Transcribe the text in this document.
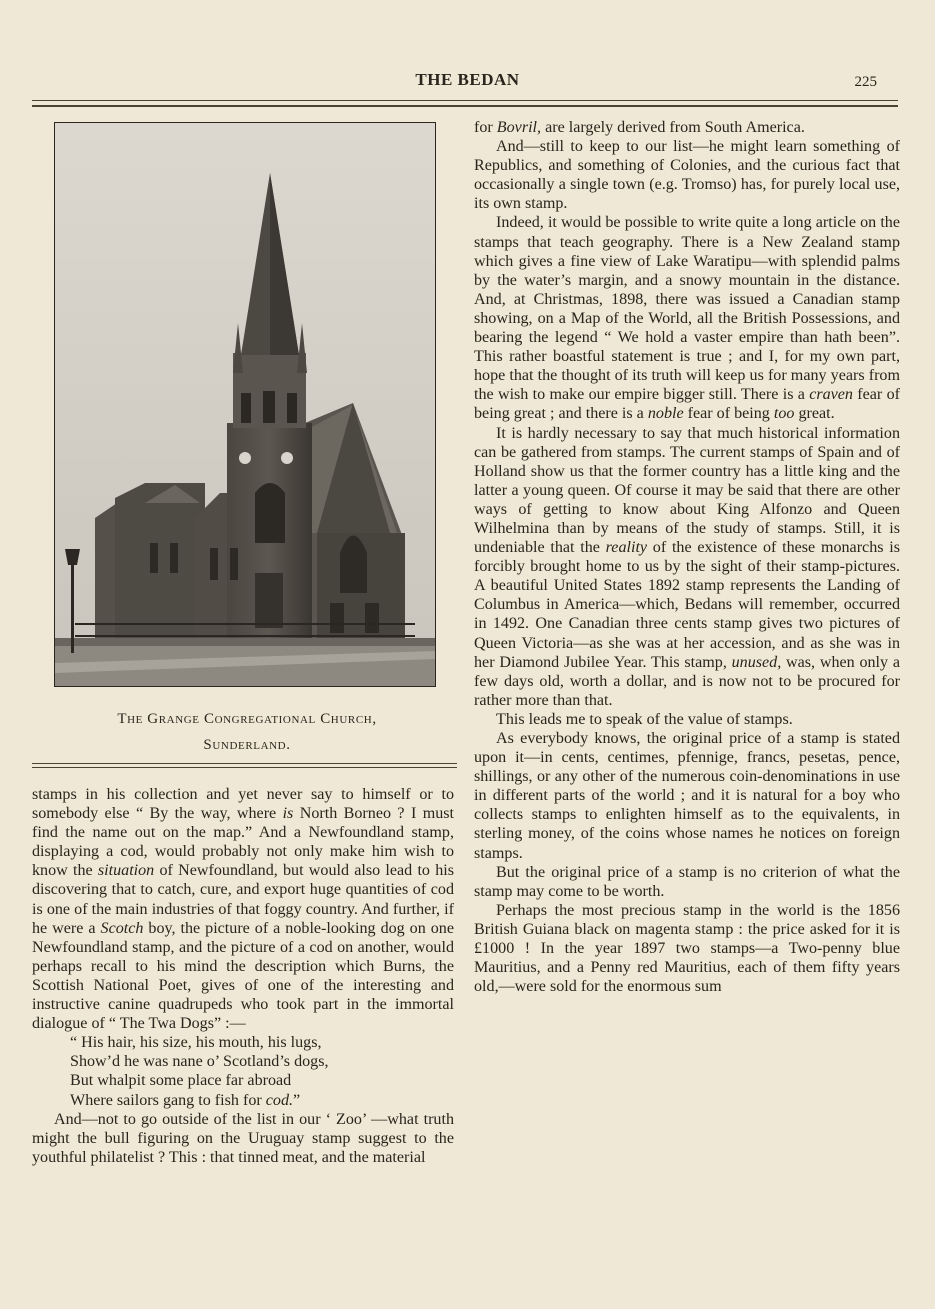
THE BEDAN	225
The Grange Congregational Church,
Sunderland.

stamps in his collection and yet never say to himself or to somebody else “ By the way, where is North Borneo ? I must find the name out on the map.” And a Newfoundland stamp, displaying a cod, would probably not only make him wish to know the situation of Newfoundland, but would also lead to his discovering that to catch, cure, and export huge quantities of cod is one of the main industries of that foggy country. And further, if he were a Scotch boy, the picture of a noble-looking dog on one Newfoundland stamp, and the picture of a cod on another, would perhaps recall to his mind the description which Burns, the Scottish National Poet, gives of one of the interesting and instructive canine quadrupeds who took part in the immortal dialogue of “ The Twa Dogs” :—

“ His hair, his size, his mouth, his lugs,
Show’d he was nane o’ Scotland’s dogs,
But whalpit some place far abroad
Where sailors gang to fish for cod.”

And—not to go outside of the list in our ‘ Zoo’ —what truth might the bull figuring on the Uruguay stamp suggest to the youthful philatelist ? This : that tinned meat, and the material

for Bovril, are largely derived from South America.

And—still to keep to our list—he might learn something of Republics, and something of Colonies, and the curious fact that occasionally a single town (e.g. Tromso) has, for purely local use, its own stamp.

Indeed, it would be possible to write quite a long article on the stamps that teach geography. There is a New Zealand stamp which gives a fine view of Lake Waratipu—with splendid palms by the water’s margin, and a snowy mountain in the distance. And, at Christmas, 1898, there was issued a Canadian stamp showing, on a Map of the World, all the British Possessions, and bearing the legend “ We hold a vaster empire than hath been”. This rather boastful statement is true ; and I, for my own part, hope that the thought of its truth will keep us for many years from the wish to make our empire bigger still. There is a craven fear of being great ; and there is a noble fear of being too great.

It is hardly necessary to say that much historical information can be gathered from stamps. The current stamps of Spain and of Holland show us that the former country has a little king and the latter a young queen. Of course it may be said that there are other ways of getting to know about King Alfonzo and Queen Wilhelmina than by means of the study of stamps. Still, it is undeniable that the reality of the existence of these monarchs is forcibly brought home to us by the sight of their stamp-pictures. A beautiful United States 1892 stamp represents the Landing of Columbus in America—which, Bedans will remember, occurred in 1492. One Canadian three cents stamp gives two pictures of Queen Victoria—as she was at her accession, and as she was in her Diamond Jubilee Year. This stamp, unused, was, when only a few days old, worth a dollar, and is now not to be procured for rather more than that.

This leads me to speak of the value of stamps.

As everybody knows, the original price of a stamp is stated upon it—in cents, centimes, pfennige, francs, pesetas, pence, shillings, or any other of the numerous coin-denominations in use in different parts of the world ; and it is natural for a boy who collects stamps to enlighten himself as to the equivalents, in sterling money, of the coins whose names he notices on foreign stamps.

But the original price of a stamp is no criterion of what the stamp may come to be worth.

Perhaps the most precious stamp in the world is the 1856 British Guiana black on magenta stamp : the price asked for it is £1000 ! In the year 1897 two stamps—a Two-penny blue Mauritius, and a Penny red Mauritius, each of them fifty years old,—were sold for the enormous sum
